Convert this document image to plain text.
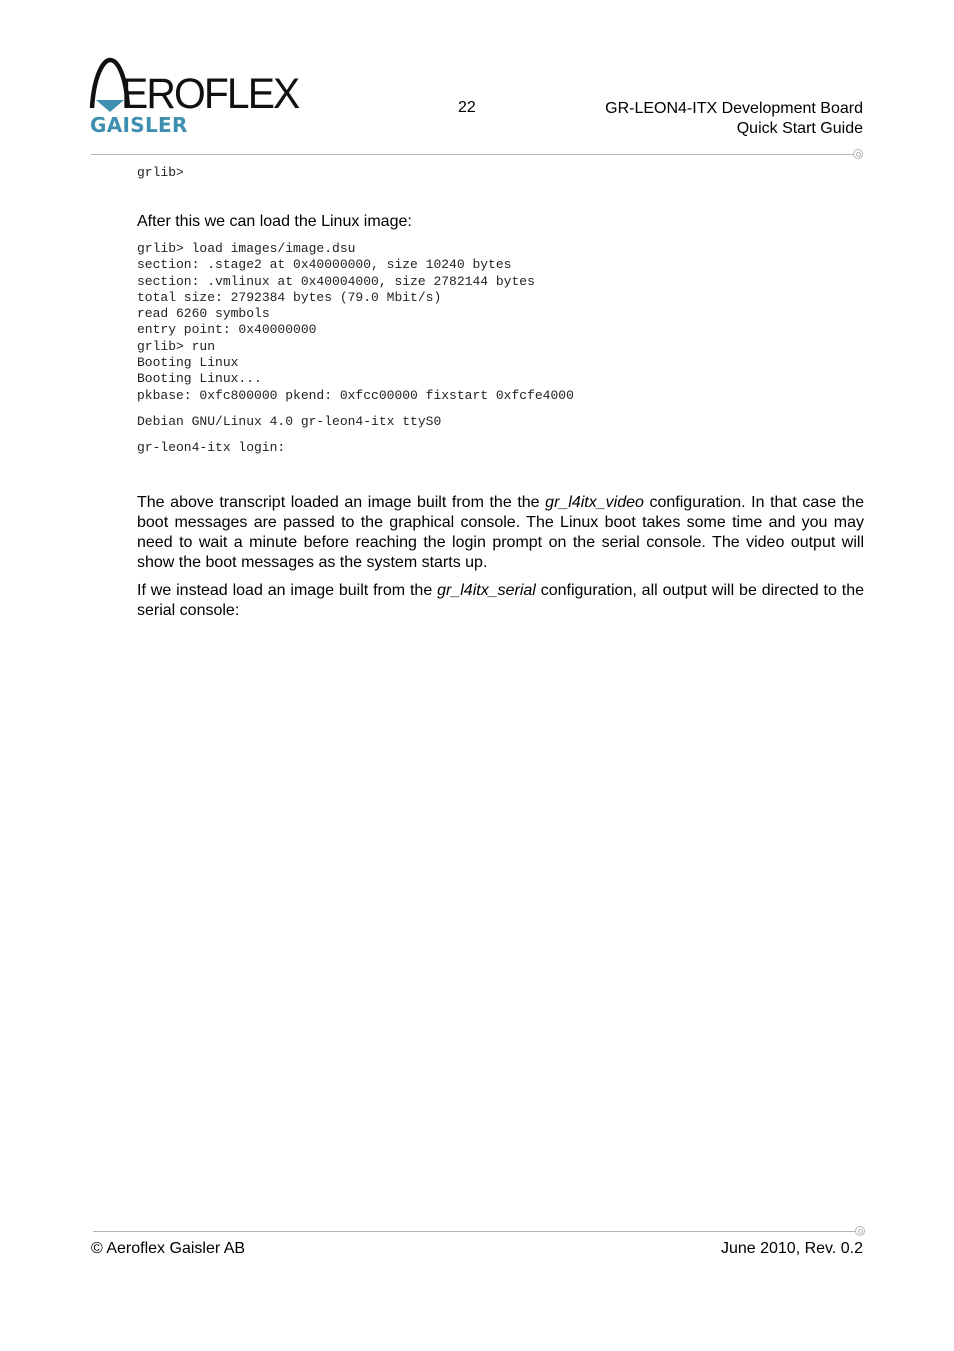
EROFLEX
GAISLER
22	GR-LEON4-ITX Development Board
Quick Start Guide
grlib>
After this we can load the Linux image:
grlib> load images/image.dsu
section: .stage2 at 0x40000000, size 10240 bytes
section: .vmlinux at 0x40004000, size 2782144 bytes
total size: 2792384 bytes (79.0 Mbit/s)
read 6260 symbols
entry point: 0x40000000
grlib> run
Booting Linux
Booting Linux...
pkbase: 0xfc800000 pkend: 0xfcc00000 fixstart 0xfcfe4000
Debian GNU/Linux 4.0 gr-leon4-itx ttyS0
gr-leon4-itx login:

The above transcript loaded an image built from the the gr_l4itx_video configuration. In that case the boot messages are passed to the graphical console. The Linux boot takes some time and you may need to wait a minute before reaching the login prompt on the serial console. The video output will show the boot messages as the system starts up.

If we instead load an image built from the gr_l4itx_serial configuration, all output will be directed to the serial console:

© Aeroflex Gaisler AB	June 2010, Rev. 0.2
